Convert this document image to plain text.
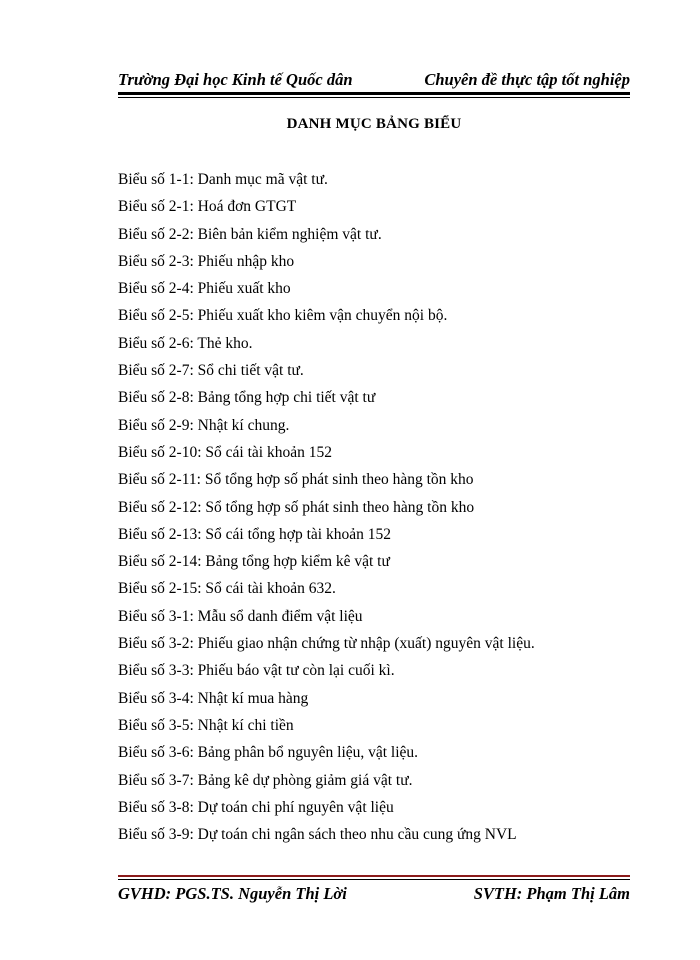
Trường Đại học Kinh tế Quốc dân	Chuyên đề thực tập tốt nghiệp
DANH MỤC BẢNG BIỂU
Biểu số 1-1: Danh mục mã vật tư.
Biểu số 2-1: Hoá đơn GTGT
Biểu số 2-2: Biên bản kiểm nghiệm vật tư.
Biểu số 2-3: Phiếu nhập kho
Biểu số 2-4: Phiếu xuất kho
Biểu số 2-5: Phiếu xuất kho kiêm vận chuyển nội bộ.
Biểu số 2-6: Thẻ kho.
Biểu số 2-7: Sổ chi tiết vật tư.
Biểu số 2-8: Bảng tổng hợp chi tiết vật tư
Biểu số 2-9: Nhật kí chung.
Biểu số 2-10: Sổ cái tài khoản 152
Biểu số 2-11: Sổ tổng hợp số phát sinh theo hàng tồn kho
Biểu số 2-12: Sổ tổng hợp số phát sinh theo hàng tồn kho
Biểu số 2-13: Sổ cái tổng hợp tài khoản 152
Biểu số 2-14: Bảng tổng hợp kiểm kê vật tư
Biểu số 2-15: Sổ cái tài khoản 632.
Biểu số 3-1: Mẫu sổ danh điểm vật liệu
Biểu số 3-2: Phiếu giao nhận chứng từ nhập (xuất) nguyên vật liệu.
Biểu số 3-3: Phiếu báo vật tư còn lại cuối kì.
Biểu số 3-4: Nhật kí mua hàng
Biểu số 3-5: Nhật kí chi tiền
Biểu số 3-6: Bảng phân bổ nguyên liệu, vật liệu.
Biểu số 3-7: Bảng kê dự phòng giảm giá vật tư.
Biểu số 3-8: Dự toán chi phí nguyên vật liệu
Biểu số 3-9: Dự toán chi ngân sách theo nhu cầu cung ứng NVL
GVHD: PGS.TS. Nguyễn Thị Lời	SVTH: Phạm Thị Lâm
